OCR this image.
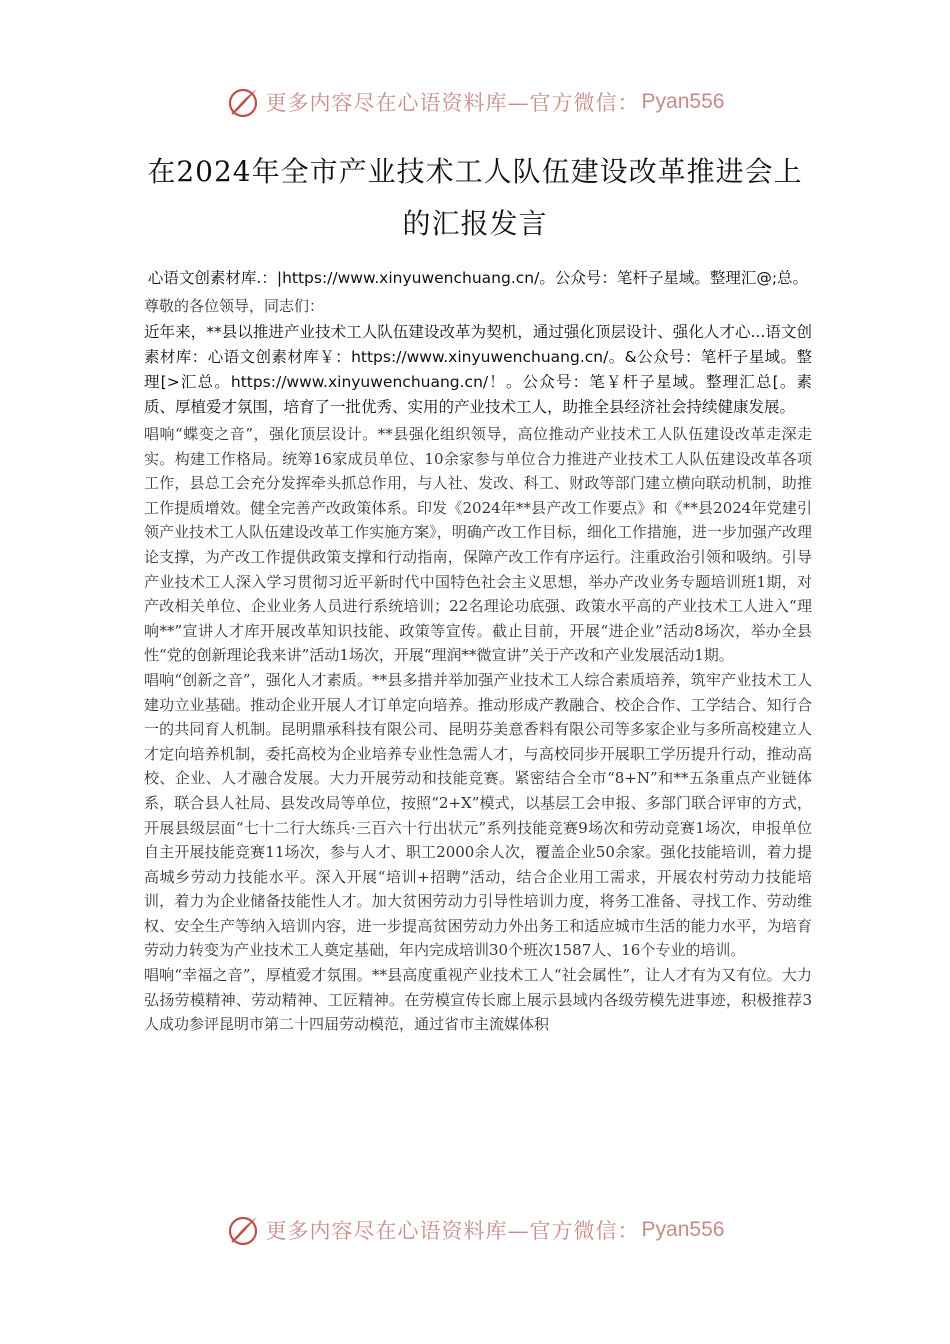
更多内容尽在心语资料库—官方微信： Pyan556
在2024年全市产业技术工人队伍建设改革推进会上
的汇报发言
心语文创素材库.：|https://www.xinyuwenchuang.cn/。公众号：笔杆子星域。整理汇@;总。
尊敬的各位领导，同志们：
近年来，**县以推进产业技术工人队伍建设改革为契机，通过强化顶层设计、强化人才心...语文创素材库：心语文创素材库￥：https://www.xinyuwenchuang.cn/。&公众号：笔杆子星域。整理[>汇总。https://www.xinyuwenchuang.cn/！。公众号：笔￥杆子星域。整理汇总[。素质、厚植爱才氛围，培育了一批优秀、实用的产业技术工人，助推全县经济社会持续健康发展。

唱响“蝶变之音”，强化顶层设计。**县强化组织领导，高位推动产业技术工人队伍建设改革走深走实。构建工作格局。统筹16家成员单位、10余家参与单位合力推进产业技术工人队伍建设改革各项工作，县总工会充分发挥牵头抓总作用，与人社、发改、科工、财政等部门建立横向联动机制，助推工作提质增效。健全完善产改政策体系。印发《2024年**县产改工作要点》和《**县2024年党建引领产业技术工人队伍建设改革工作实施方案》，明确产改工作目标，细化工作措施，进一步加强产改理论支撑，为产改工作提供政策支撑和行动指南，保障产改工作有序运行。注重政治引领和吸纳。引导产业技术工人深入学习贯彻习近平新时代中国特色社会主义思想，举办产改业务专题培训班1期，对产改相关单位、企业业务人员进行系统培训；22名理论功底强、政策水平高的产业技术工人进入“理响**”宣讲人才库开展改革知识技能、政策等宣传。截止目前，开展“进企业”活动8场次，举办全县性“党的创新理论我来讲”活动1场次，开展“理润**微宣讲”关于产改和产业发展活动1期。

唱响“创新之音”，强化人才素质。**县多措并举加强产业技术工人综合素质培养，筑牢产业技术工人建功立业基础。推动企业开展人才订单定向培养。推动形成产教融合、校企合作、工学结合、知行合一的共同育人机制。昆明鼎承科技有限公司、昆明芬美意香料有限公司等多家企业与多所高校建立人才定向培养机制，委托高校为企业培养专业性急需人才，与高校同步开展职工学历提升行动，推动高校、企业、人才融合发展。大力开展劳动和技能竞赛。紧密结合全市“8+N”和**五条重点产业链体系，联合县人社局、县发改局等单位，按照“2+X”模式，以基层工会申报、多部门联合评审的方式，开展县级层面“七十二行大练兵·三百六十行出状元”系列技能竞赛9场次和劳动竞赛1场次，申报单位自主开展技能竞赛11场次，参与人才、职工2000余人次，覆盖企业50余家。强化技能培训，着力提高城乡劳动力技能水平。深入开展“培训+招聘”活动，结合企业用工需求，开展农村劳动力技能培训，着力为企业储备技能性人才。加大贫困劳动力引导性培训力度，将务工准备、寻找工作、劳动维权、安全生产等纳入培训内容，进一步提高贫困劳动力外出务工和适应城市生活的能力水平，为培育劳动力转变为产业技术工人奠定基础，年内完成培训30个班次1587人、16个专业的培训。

唱响“幸福之音”，厚植爱才氛围。**县高度重视产业技术工人“社会属性”，让人才有为又有位。大力弘扬劳模精神、劳动精神、工匠精神。在劳模宣传长廊上展示县域内各级劳模先进事迹，积极推荐3人成功参评昆明市第二十四届劳动模范，通过省市主流媒体积

更多内容尽在心语资料库—官方微信： Pyan556
